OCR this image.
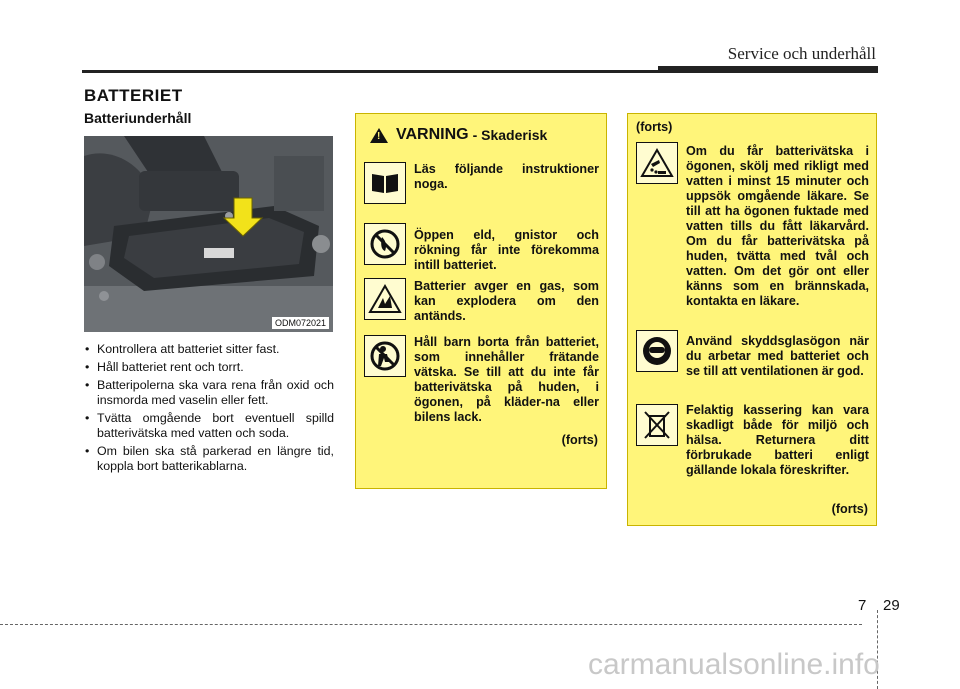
Service och underhåll
BATTERIET
Batteriunderhåll
ODM072021
• Kontrollera att batteriet sitter fast.
• Håll batteriet rent och torrt.
• Batteripolerna ska vara rena från oxid och insmorda med vaselin eller fett.
• Tvätta omgående bort eventuell spilld batterivätska med vatten och soda.
• Om bilen ska stå parkerad en längre tid, koppla bort batterikablarna.
!
VARNING - Skaderisk
Läs följande instruktioner noga.
Öppen eld, gnistor och rökning får inte förekomma intill batteriet.
Batterier avger en gas, som kan explodera om den antänds.
Håll barn borta från batteriet, som innehåller frätande vätska. Se till att du inte får batterivätska på huden, i ögonen, på kläder-na eller bilens lack.
(forts)
(forts)
Om du får batterivätska i ögonen, skölj med rikligt med vatten i minst 15 minuter och uppsök omgående läkare. Se till att ha ögonen fuktade med vatten tills du fått läkarvård. Om du får batterivätska på huden, tvätta med tvål och vatten. Om det gör ont eller känns som en brännskada, kontakta en läkare.
Använd skyddsglasögon när du arbetar med batteriet och se till att ventilationen är god.
Felaktig kassering kan vara skadligt både för miljö och hälsa. Returnera ditt förbrukade batteri enligt gällande lokala föreskrifter.
(forts)
7 29
carmanualsonline.info
